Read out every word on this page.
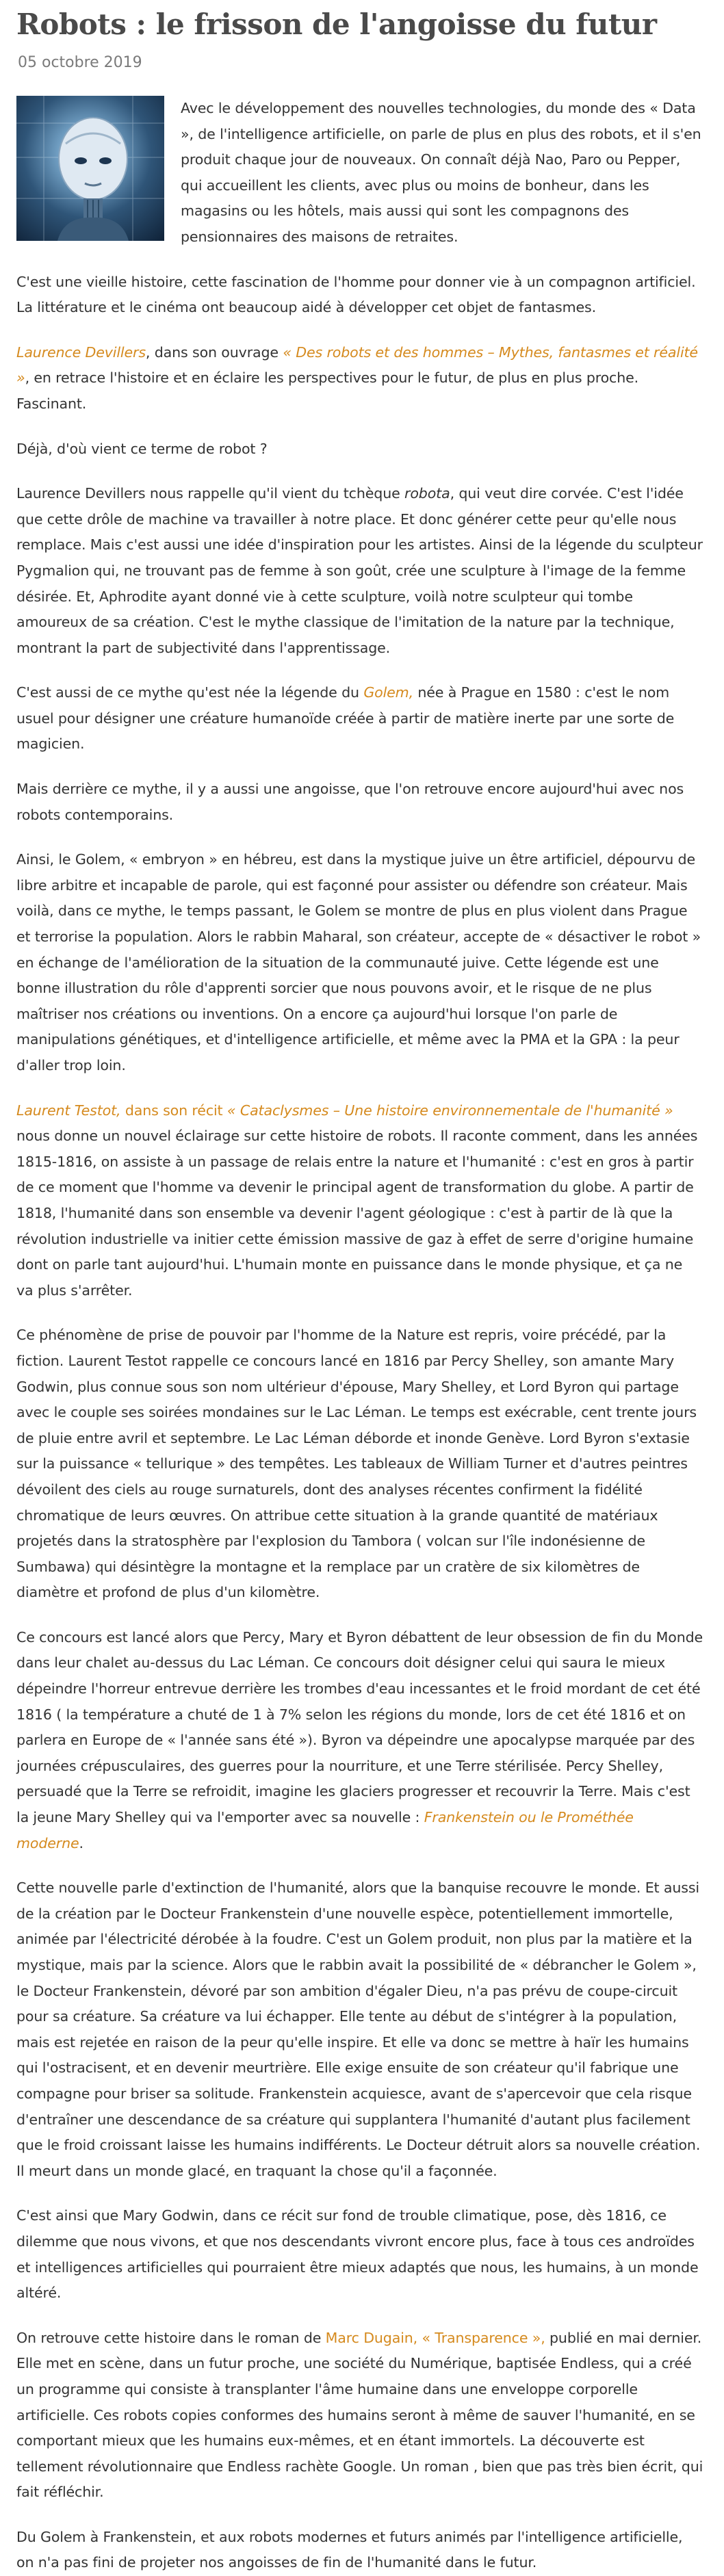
Robots : le frisson de l'angoisse du futur
05 octobre 2019

Avec le développement des nouvelles technologies, du monde des « Data », de l'intelligence artificielle, on parle de plus en plus des robots, et il s'en produit chaque jour de nouveaux. On connaît déjà Nao, Paro ou Pepper, qui accueillent les clients, avec plus ou moins de bonheur, dans les magasins ou les hôtels, mais aussi qui sont les compagnons des pensionnaires des maisons de retraites.

C'est une vieille histoire, cette fascination de l'homme pour donner vie à un compagnon artificiel. La littérature et le cinéma ont beaucoup aidé à développer cet objet de fantasmes.

Laurence Devillers, dans son ouvrage « Des robots et des hommes – Mythes, fantasmes et réalité », en retrace l'histoire et en éclaire les perspectives pour le futur, de plus en plus proche. Fascinant.

Déjà, d'où vient ce terme de robot ?

Laurence Devillers nous rappelle qu'il vient du tchèque robota, qui veut dire corvée. C'est l'idée que cette drôle de machine va travailler à notre place. Et donc générer cette peur qu'elle nous remplace. Mais c'est aussi une idée d'inspiration pour les artistes. Ainsi de la légende du sculpteur Pygmalion qui, ne trouvant pas de femme à son goût, crée une sculpture à l'image de la femme désirée. Et, Aphrodite ayant donné vie à cette sculpture, voilà notre sculpteur qui tombe amoureux de sa création. C'est le mythe classique de l'imitation de la nature par la technique, montrant la part de subjectivité dans l'apprentissage.

C'est aussi de ce mythe qu'est née la légende du Golem, née à Prague en 1580 : c'est le nom usuel pour désigner une créature humanoïde créée à partir de matière inerte par une sorte de magicien.

Mais derrière ce mythe, il y a aussi une angoisse, que l'on retrouve encore aujourd'hui avec nos robots contemporains.

Ainsi, le Golem, « embryon » en hébreu, est dans la mystique juive un être artificiel, dépourvu de libre arbitre et incapable de parole, qui est façonné pour assister ou défendre son créateur. Mais voilà, dans ce mythe, le temps passant, le Golem se montre de plus en plus violent dans Prague et terrorise la population. Alors le rabbin Maharal, son créateur, accepte de « désactiver le robot » en échange de l'amélioration de la situation de la communauté juive. Cette légende est une bonne illustration du rôle d'apprenti sorcier que nous pouvons avoir, et le risque de ne plus maîtriser nos créations ou inventions. On a encore ça aujourd'hui lorsque l'on parle de manipulations génétiques, et d'intelligence artificielle, et même avec la PMA et la GPA : la peur d'aller trop loin.

Laurent Testot, dans son récit « Cataclysmes – Une histoire environnementale de l'humanité » nous donne un nouvel éclairage sur cette histoire de robots. Il raconte comment, dans les années 1815-1816, on assiste à un passage de relais entre la nature et l'humanité : c'est en gros à partir de ce moment que l'homme va devenir le principal agent de transformation du globe. A partir de 1818, l'humanité dans son ensemble va devenir l'agent géologique : c'est à partir de là que la révolution industrielle va initier cette émission massive de gaz à effet de serre d'origine humaine dont on parle tant aujourd'hui. L'humain monte en puissance dans le monde physique, et ça ne va plus s'arrêter.

Ce phénomène de prise de pouvoir par l'homme de la Nature est repris, voire précédé, par la fiction. Laurent Testot rappelle ce concours lancé en 1816 par Percy Shelley, son amante Mary Godwin, plus connue sous son nom ultérieur d'épouse, Mary Shelley, et Lord Byron qui partage avec le couple ses soirées mondaines sur le Lac Léman. Le temps est exécrable, cent trente jours de pluie entre avril et septembre. Le Lac Léman déborde et inonde Genève. Lord Byron s'extasie sur la puissance « tellurique » des tempêtes. Les tableaux de William Turner et d'autres peintres dévoilent des ciels au rouge surnaturels, dont des analyses récentes confirment la fidélité chromatique de leurs œuvres. On attribue cette situation à la grande quantité de matériaux projetés dans la stratosphère par l'explosion du Tambora ( volcan sur l'île indonésienne de Sumbawa) qui désintègre la montagne et la remplace par un cratère de six kilomètres de diamètre et profond de plus d'un kilomètre.

Ce concours est lancé alors que Percy, Mary et Byron débattent de leur obsession de fin du Monde dans leur chalet au-dessus du Lac Léman. Ce concours doit désigner celui qui saura le mieux dépeindre l'horreur entrevue derrière les trombes d'eau incessantes et le froid mordant de cet été 1816 ( la température a chuté de 1 à 7% selon les régions du monde, lors de cet été 1816 et on parlera en Europe de « l'année sans été »). Byron va dépeindre une apocalypse marquée par des journées crépusculaires, des guerres pour la nourriture, et une Terre stérilisée. Percy Shelley, persuadé que la Terre se refroidit, imagine les glaciers progresser et recouvrir la Terre. Mais c'est la jeune Mary Shelley qui va l'emporter avec sa nouvelle : Frankenstein ou le Prométhée moderne.

Cette nouvelle parle d'extinction de l'humanité, alors que la banquise recouvre le monde. Et aussi de la création par le Docteur Frankenstein d'une nouvelle espèce, potentiellement immortelle, animée par l'électricité dérobée à la foudre. C'est un Golem produit, non plus par la matière et la mystique, mais par la science. Alors que le rabbin avait la possibilité de « débrancher le Golem », le Docteur Frankenstein, dévoré par son ambition d'égaler Dieu, n'a pas prévu de coupe-circuit pour sa créature. Sa créature va lui échapper. Elle tente au début de s'intégrer à la population, mais est rejetée en raison de la peur qu'elle inspire. Et elle va donc se mettre à haïr les humains qui l'ostracisent, et en devenir meurtrière. Elle exige ensuite de son créateur qu'il fabrique une compagne pour briser sa solitude. Frankenstein acquiesce, avant de s'apercevoir que cela risque d'entraîner une descendance de sa créature qui supplantera l'humanité d'autant plus facilement que le froid croissant laisse les humains indifférents. Le Docteur détruit alors sa nouvelle création. Il meurt dans un monde glacé, en traquant la chose qu'il a façonnée.

C'est ainsi que Mary Godwin, dans ce récit sur fond de trouble climatique, pose, dès 1816, ce dilemme que nous vivons, et que nos descendants vivront encore plus, face à tous ces androïdes et intelligences artificielles qui pourraient être mieux adaptés que nous, les humains, à un monde altéré.

On retrouve cette histoire dans le roman de Marc Dugain, « Transparence », publié en mai dernier. Elle met en scène, dans un futur proche, une société du Numérique, baptisée Endless, qui a créé un programme qui consiste à transplanter l'âme humaine dans une enveloppe corporelle artificielle. Ces robots copies conformes des humains seront à même de sauver l'humanité, en se comportant mieux que les humains eux-mêmes, et en étant immortels. La découverte est tellement révolutionnaire que Endless rachète Google. Un roman , bien que pas très bien écrit, qui fait réfléchir.

Du Golem à Frankenstein, et aux robots modernes et futurs animés par l'intelligence artificielle, on n'a pas fini de projeter nos angoisses de fin de l'humanité dans le futur.
